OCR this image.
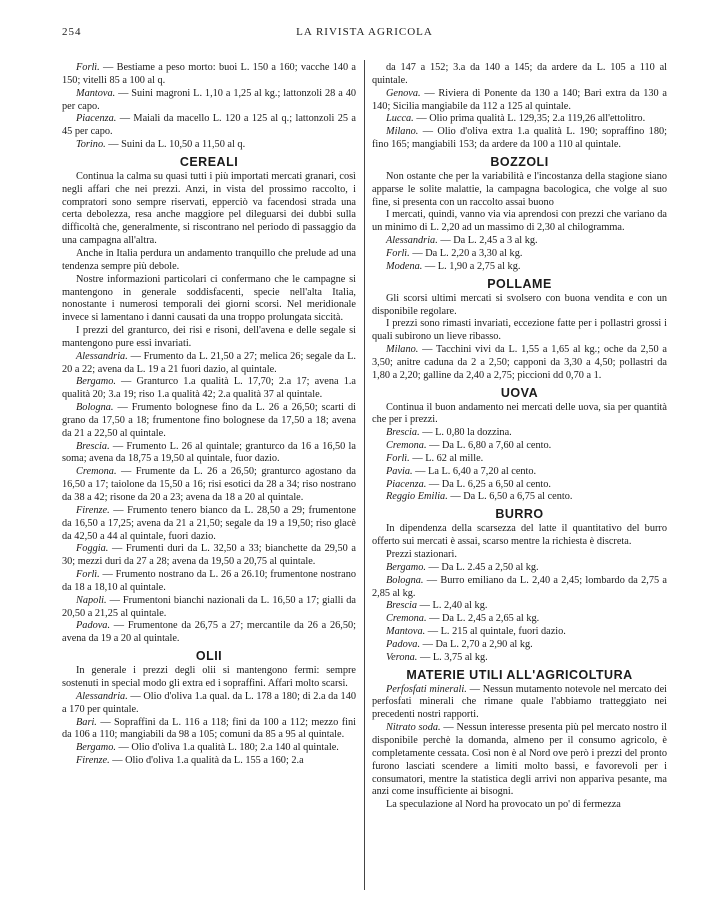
254	LA RIVISTA AGRICOLA

Forlì. — Bestiame a peso morto: buoi L. 150 a 160; vacche 140 a 150; vitelli 85 a 100 al q.

Mantova. — Suini magroni L. 1,10 a 1,25 al kg.; lattonzoli 28 a 40 per capo.

Piacenza. — Maiali da macello L. 120 a 125 al q.; lattonzoli 25 a 45 per capo.

Torino. — Suini da L. 10,50 a 11,50 al q.

CEREALI

Continua la calma su quasi tutti i più importati mercati granari, così negli affari che nei prezzi. Anzi, in vista del prossimo raccolto, i compratori sono sempre riservati, epperciò va facendosi strada una certa debolezza, resa anche maggiore pel dileguarsi dei dubbi sulla difficoltà che, generalmente, si riscontrano nel periodo di passaggio da una campagna all'altra.

Anche in Italia perdura un andamento tranquillo che prelude ad una tendenza sempre più debole.

Nostre informazioni particolari ci confermano che le campagne si mantengono in generale soddisfacenti, specie nell'alta Italia, nonostante i numerosi temporali dei giorni scorsi. Nel meridionale invece si lamentano i danni causati da una troppo prolungata siccità.

I prezzi del granturco, dei risi e risoni, dell'avena e delle segale si mantengono pure essi invariati.

Alessandria. — Frumento da L. 21,50 a 27; melica 26; segale da L. 20 a 22; avena da L. 19 a 21 fuori dazio, al quintale.

Bergamo. — Granturco 1.a qualità L. 17,70; 2.a 17; avena 1.a qualità 20; 3.a 19; riso 1.a qualità 42; 2.a qualità 37 al quintale.

Bologna. — Frumento bolognese fino da L. 26 a 26,50; scarti di grano da 17,50 a 18; frumentone fino bolognese da 17,50 a 18; avena da 21 a 22,50 al quintale.

Brescia. — Frumento L. 26 al quintale; granturco da 16 a 16,50 la soma; avena da 18,75 a 19,50 al quintale, fuor dazio.

Cremona. — Frumente da L. 26 a 26,50; granturco agostano da 16,50 a 17; taiolone da 15,50 a 16; risi esotici da 28 a 34; riso nostrano da 38 a 42; risone da 20 a 23; avena da 18 a 20 al quintale.

Firenze. — Frumento tenero bianco da L. 28,50 a 29; frumentone da 16,50 a 17,25; avena da 21 a 21,50; segale da 19 a 19,50; riso glacè da 42,50 a 44 al quintale, fuori dazio.

Foggia. — Frumenti duri da L. 32,50 a 33; bianchette da 29,50 a 30; mezzi duri da 27 a 28; avena da 19,50 a 20,75 al quintale.

Forlì. — Frumento nostrano da L. 26 a 26.10; frumentone nostrano da 18 a 18,10 al quintale.

Napoli. — Frumentoni bianchi nazionali da L. 16,50 a 17; gialli da 20,50 a 21,25 al quintale.

Padova. — Frumentone da 26,75 a 27; mercantile da 26 a 26,50; avena da 19 a 20 al quintale.

OLII

In generale i prezzi degli olii si mantengono fermi: sempre sostenuti in special modo gli extra ed i sopraffini. Affari molto scarsi.

Alessandria. — Olio d'oliva 1.a qual. da L. 178 a 180; di 2.a da 140 a 170 per quintale.

Bari. — Sopraffini da L. 116 a 118; fini da 100 a 112; mezzo fini da 106 a 110; mangiabili da 98 a 105; comuni da 85 a 95 al quintale.

Bergamo. — Olio d'oliva 1.a qualità L. 180; 2.a 140 al quintale.

Firenze. — Olio d'oliva 1.a qualità da L. 155 a 160; 2.a

da 147 a 152; 3.a da 140 a 145; da ardere da L. 105 a 110 al quintale.

Genova. — Riviera di Ponente da 130 a 140; Bari extra da 130 a 140; Sicilia mangiabile da 112 a 125 al quintale.

Lucca. — Olio prima qualità L. 129,35; 2.a 119,26 all'ettolitro.

Milano. — Olio d'oliva extra 1.a qualità L. 190; sopraffino 180; fino 165; mangiabili 153; da ardere da 100 a 110 al quintale.

BOZZOLI

Non ostante che per la variabilità e l'incostanza della stagione siano apparse le solite malattie, la campagna bacologica, che volge al suo fine, si presenta con un raccolto assai buono

I mercati, quindi, vanno via via aprendosi con prezzi che variano da un minimo di L. 2,20 ad un massimo di 2,30 al chilogramma.

Alessandria. — Da L. 2,45 a 3 al kg.

Forlì. — Da L. 2,20 a 3,30 al kg.

Modena. — L. 1,90 a 2,75 al kg.

POLLAME

Gli scorsi ultimi mercati si svolsero con buona vendita e con un disponibile regolare.

I prezzi sono rimasti invariati, eccezione fatte per i pollastri grossi i quali subirono un lieve ribasso.

Milano. — Tacchini vivi da L. 1,55 a 1,65 al kg.; oche da 2,50 a 3,50; anitre caduna da 2 a 2,50; capponi da 3,30 a 4,50; pollastri da 1,80 a 2,20; galline da 2,40 a 2,75; piccioni dd 0,70 a 1.

UOVA

Continua il buon andamento nei mercati delle uova, sia per quantità che per i prezzi.

Brescia. — L. 0,80 la dozzina.

Cremona. — Da L. 6,80 a 7,60 al cento.

Forlì. — L. 62 al mille.

Pavia. — La L. 6,40 a 7,20 al cento.

Piacenza. — Da L. 6,25 a 6,50 al cento.

Reggio Emilia. — Da L. 6,50 a 6,75 al cento.

BURRO

In dipendenza della scarsezza del latte il quantitativo del burro offerto sui mercati è assai, scarso mentre la richiesta è discreta.

Prezzi stazionari.

Bergamo. — Da L. 2.45 a 2,50 al kg.

Bologna. — Burro emiliano da L. 2,40 a 2,45; lombardo da 2,75 a 2,85 al kg.

Brescia — L. 2,40 al kg.

Cremona. — Da L. 2,45 a 2,65 al kg.

Mantova. — L. 215 al quintale, fuori dazio.

Padova. — Da L. 2,70 a 2,90 al kg.

Verona. — L. 3,75 al kg.

MATERIE UTILI ALL'AGRICOLTURA

Perfosfati minerali. — Nessun mutamento notevole nel mercato dei perfosfati minerali che rimane quale l'abbiamo tratteggiato nei precedenti nostri rapporti.

Nitrato soda. — Nessun interesse presenta più pel mercato nostro il disponibile perchè la domanda, almeno per il consumo agricolo, è completamente cessata. Così non è al Nord ove però i prezzi del pronto furono lasciati scendere a limiti molto bassi, e favorevoli per i consumatori, mentre la statistica degli arrivi non appariva pesante, ma anzi come insufficiente ai bisogni.

La speculazione al Nord ha provocato un po' di fermezza
